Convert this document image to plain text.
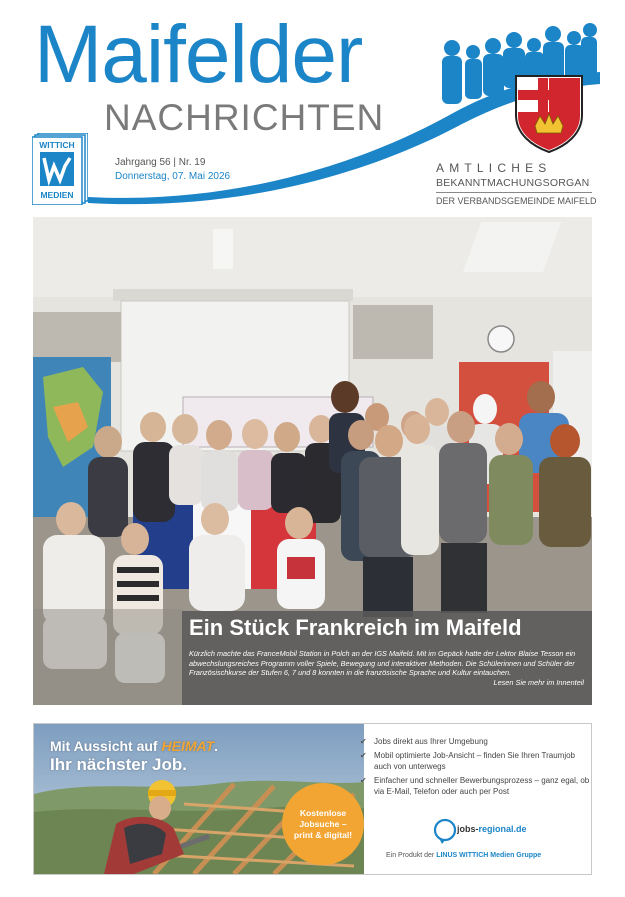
Maifelder
NACHRICHTEN
WITTICH
MEDIEN
Jahrgang 56 | Nr. 19
Donnerstag, 07. Mai 2026
AMTLICHES
BEKANNTMACHUNGSORGAN
DER VERBANDSGEMEINDE MAIFELD
Ein Stück Frankreich im Maifeld
Kürzlich machte das FranceMobil Station in Polch an der IGS Maifeld. Mit im Gepäck hatte der Lektor Blaise Tesson ein abwechslungsreiches Programm voller Spiele, Bewegung und interaktiver Methoden. Die Schülerinnen und Schüler der Französischkurse der Stufen 6, 7 und 8 konnten in die französische Sprache und Kultur eintauchen.
Lesen Sie mehr im Innenteil
Mit Aussicht auf HEIMAT.
Ihr nächster Job.
Kostenlose
Jobsuche –
print & digital!
✔ Jobs direkt aus Ihrer Umgebung
✔ Mobil optimierte Job-Ansicht – finden Sie Ihren Traumjob auch von unterwegs
✔ Einfacher und schneller Bewerbungsprozess – ganz egal, ob via E-Mail, Telefon oder auch per Post
jobs-regional.de
Ein Produkt der LINUS WITTICH Medien Gruppe
